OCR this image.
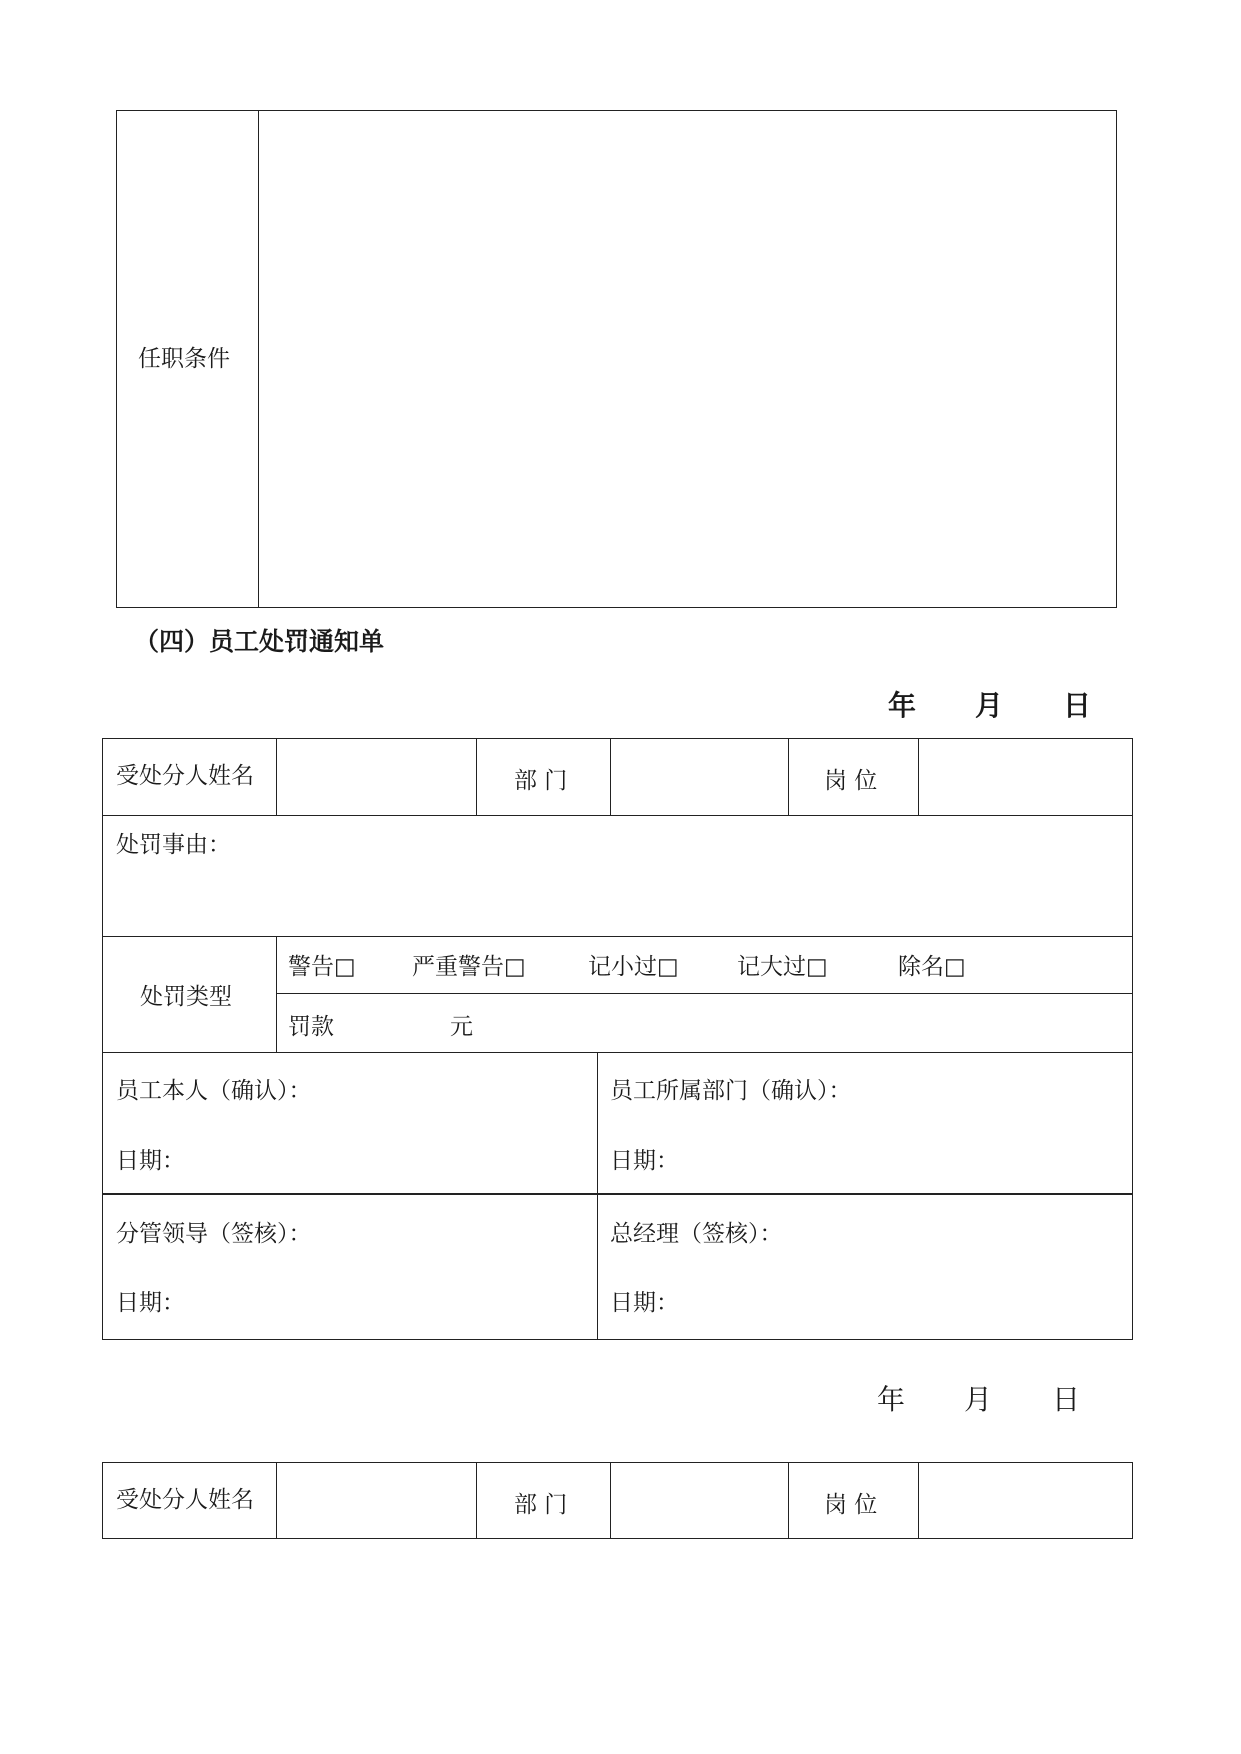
任职条件
（四）员工处罚通知单
年 月 日
受处分人姓名	部 门	岗 位
处罚事由：
处罚类型
警告□ 严重警告□	记小过□	记大过□	除名□
罚款	元
员工本人（确认）：
日期：
员工所属部门（确认）：
日期：
分管领导（签核）：
日期：
总经理（签核）：
日期：
年 月 日
受处分人姓名	部 门	岗 位
